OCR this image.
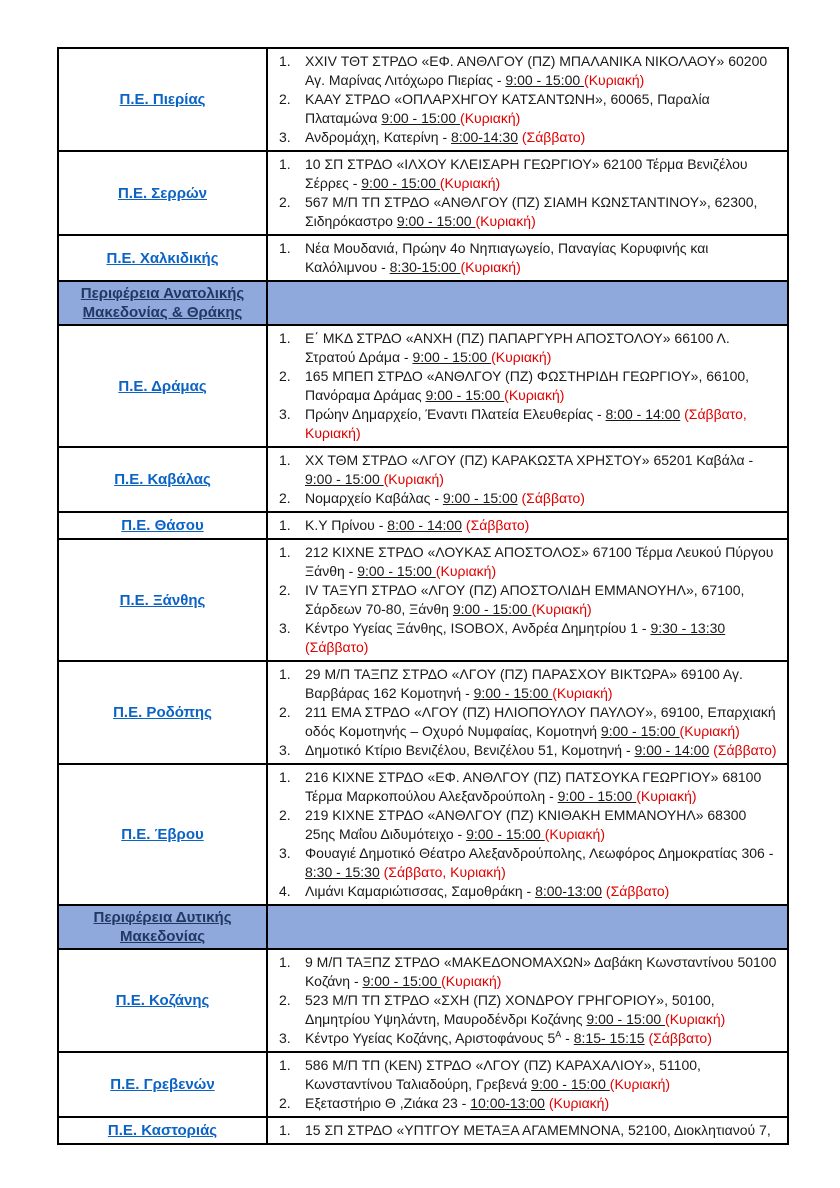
Π.Ε. Πιερίας	
1.	XXIV ΤΘΤ ΣΤΡΔΟ «ΕΦ. ΑΝΘΛΓΟΥ (ΠΖ) ΜΠΑΛΑΝΙΚΑ ΝΙΚΟΛΑΟΥ» 60200 Αγ. Μαρίνας Λιτόχωρο Πιερίας - 9:00 - 15:00 (Κυριακή)
2.	ΚΑΑΥ ΣΤΡΔΟ «ΟΠΛΑΡΧΗΓΟΥ ΚΑΤΣΑΝΤΩΝΗ», 60065, Παραλία Πλαταμώνα 9:00 - 15:00 (Κυριακή)
3.	Ανδρομάχη, Κατερίνη - 8:00-14:30 (Σάββατο)

Π.Ε. Σερρών	1. 10 ΣΠ ΣΤΡΔΟ «ΙΛΧΟΥ ΚΛΕΙΣΑΡΗ ΓΕΩΡΓΙΟΥ» 62100 Τέρμα Βενιζέλου Σέρρες - 9:00 - 15:00 (Κυριακή)
2. 567 Μ/Π ΤΠ ΣΤΡΔΟ «ΑΝΘΛΓΟΥ (ΠΖ) ΣΙΑΜΗ ΚΩΝΣΤΑΝΤΙΝΟΥ», 62300, Σιδηρόκαστρο 9:00 - 15:00 (Κυριακή)

Π.Ε. Χαλκιδικής	1. Νέα Μουδανιά, Πρώην 4ο Νηπιαγωγείο, Παναγίας Κορυφινής και Καλόλιμνου - 8:30-15:00 (Κυριακή)

Περιφέρεια Ανατολικής Μακεδονίας & Θράκης	
Π.Ε. Δράμας	
1.	Ε΄ ΜΚΔ ΣΤΡΔΟ «ΑΝΧΗ (ΠΖ) ΠΑΠΑΡΓΥΡΗ ΑΠΟΣΤΟΛΟΥ» 66100 Λ. Στρατού Δράμα - 9:00 - 15:00 (Κυριακή)
2.	165 ΜΠΕΠ ΣΤΡΔΟ «ΑΝΘΛΓΟΥ (ΠΖ) ΦΩΣΤΗΡΙΔΗ ΓΕΩΡΓΙΟΥ», 66100, Πανόραμα Δράμας 9:00 - 15:00 (Κυριακή)
3.	Πρώην Δημαρχείο, Έναντι Πλατεία Ελευθερίας - 8:00 - 14:00 (Σάββατο, Κυριακή)

Π.Ε. Καβάλας	1. ΧΧ ΤΘΜ ΣΤΡΔΟ «ΛΓΟΥ (ΠΖ) ΚΑΡΑΚΩΣΤΑ ΧΡΗΣΤΟΥ» 65201 Καβάλα - 9:00 - 15:00 (Κυριακή)
2. Νομαρχείο Καβάλας - 9:00 - 15:00 (Σάββατο)

Π.Ε. Θάσου	1. Κ.Υ Πρίνου - 8:00 - 14:00 (Σάββατο)

Π.Ε. Ξάνθης	
1.	212 ΚΙΧΝΕ ΣΤΡΔΟ «ΛΟΥΚΑΣ ΑΠΟΣΤΟΛΟΣ» 67100 Τέρμα Λευκού Πύργου Ξάνθη - 9:00 - 15:00 (Κυριακή)
2.	IV ΤΑΞΥΠ ΣΤΡΔΟ «ΛΓΟΥ (ΠΖ) ΑΠΟΣΤΟΛΙΔΗ ΕΜΜΑΝΟΥΗΛ», 67100, Σάρδεων 70-80, Ξάνθη 9:00 - 15:00 (Κυριακή)
3.	Κέντρο Υγείας Ξάνθης, ISOBOX, Ανδρέα Δημητρίου 1 - 9:30 - 13:30 (Σάββατο)

Π.Ε. Ροδόπης	
1.	29 Μ/Π ΤΑΞΠΖ ΣΤΡΔΟ «ΛΓΟΥ (ΠΖ) ΠΑΡΑΣΧΟΥ ΒΙΚΤΩΡΑ» 69100 Αγ. Βαρβάρας 162 Κομοτηνή - 9:00 - 15:00 (Κυριακή)
2.	211 ΕΜΑ ΣΤΡΔΟ «ΛΓΟΥ (ΠΖ) ΗΛΙΟΠΟΥΛΟΥ ΠΑΥΛΟΥ», 69100, Επαρχιακή οδός Κομοτηνής – Οχυρό Νυμφαίας, Κομοτηνή 9:00 - 15:00 (Κυριακή)
3.	Δημοτικό Κτίριο Βενιζέλου, Βενιζέλου 51, Κομοτηνή - 9:00 - 14:00 (Σάββατο)

Π.Ε. Έβρου	
1.	216 ΚΙΧΝΕ ΣΤΡΔΟ «ΕΦ. ΑΝΘΛΓΟΥ (ΠΖ) ΠΑΤΣΟΥΚΑ ΓΕΩΡΓΙΟΥ» 68100 Τέρμα Μαρκοπούλου Αλεξανδρούπολη - 9:00 - 15:00 (Κυριακή)
2.	219 ΚΙΧΝΕ ΣΤΡΔΟ «ΑΝΘΛΓΟΥ (ΠΖ) ΚΝΙΘΑΚΗ ΕΜΜΑΝΟΥΗΛ» 68300 25ης Μαΐου Διδυμότειχο - 9:00 - 15:00 (Κυριακή)
3.	Φουαγιέ Δημοτικό Θέατρο Αλεξανδρούπολης, Λεωφόρος Δημοκρατίας 306 - 8:30 - 15:30 (Σάββατο, Κυριακή)
4.	Λιμάνι Καμαριώτισσας, Σαμοθράκη - 8:00-13:00 (Σάββατο)

Περιφέρεια Δυτικής Μακεδονίας	
Π.Ε. Κοζάνης	
1.	9 Μ/Π ΤΑΞΠΖ ΣΤΡΔΟ «ΜΑΚΕΔΟΝΟΜΑΧΩΝ» Δαβάκη Κωνσταντίνου 50100 Κοζάνη - 9:00 - 15:00 (Κυριακή)
2.	523 Μ/Π ΤΠ ΣΤΡΔΟ «ΣΧΗ (ΠΖ) ΧΟΝΔΡΟΥ ΓΡΗΓΟΡΙΟΥ», 50100, Δημητρίου Υψηλάντη, Μαυροδένδρι Κοζάνης 9:00 - 15:00 (Κυριακή)
3.	Κέντρο Υγείας Κοζάνης, Αριστοφάνους $5^A$ - 8:15- 15:15 (Σάββατο)

Π.Ε. Γρεβενών	1. 586 Μ/Π ΤΠ (ΚΕΝ) ΣΤΡΔΟ «ΛΓΟΥ (ΠΖ) ΚΑΡΑΧΑΛΙΟΥ», 51100, Κωνσταντίνου Ταλιαδούρη, Γρεβενά 9:00 - 15:00 (Κυριακή)
2. Εξεταστήριο Θ ,Ζιάκα 23 - 10:00-13:00 (Κυριακή)

Π.Ε. Καστοριάς	1. 15 ΣΠ ΣΤΡΔΟ «ΥΠΤΓΟΥ ΜΕΤΑΞΑ ΑΓΑΜΕΜΝΟΝΑ, 52100, Διοκλητιανού 7,
